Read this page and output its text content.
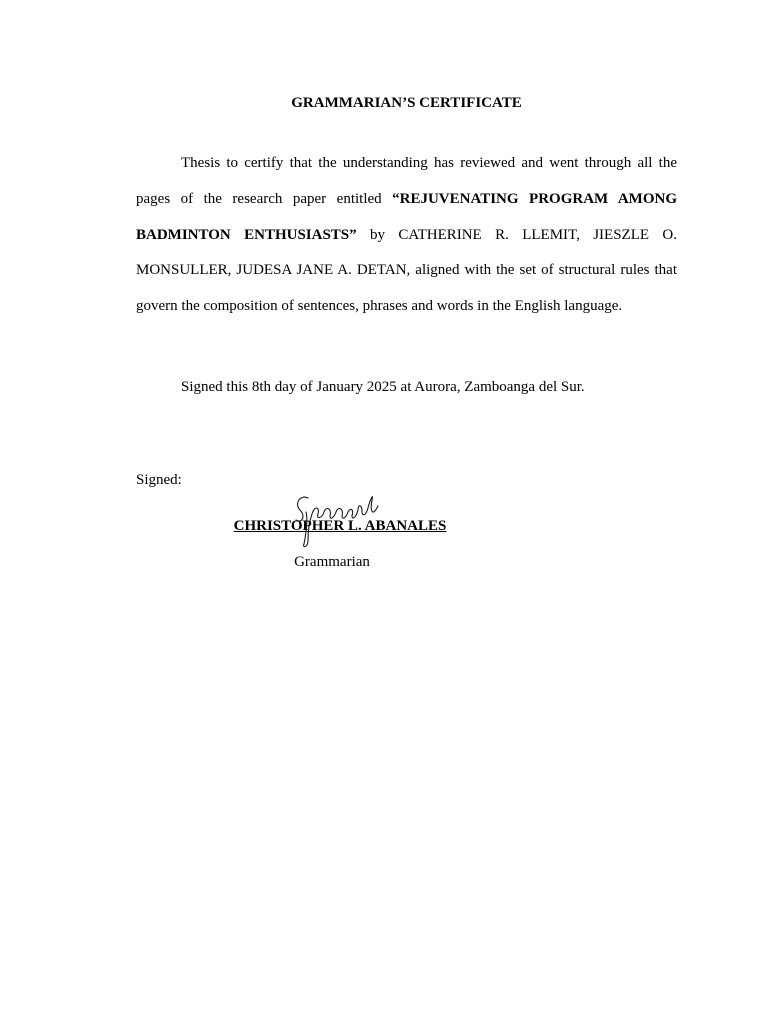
GRAMMARIAN’S CERTIFICATE

Thesis to certify that the understanding has reviewed and went through all the pages of the research paper entitled “REJUVENATING PROGRAM AMONG BADMINTON ENTHUSIASTS” by CATHERINE R. LLEMIT, JIESZLE O. MONSULLER, JUDESA JANE A. DETAN, aligned with the set of structural rules that govern the composition of sentences, phrases and words in the English language.

Signed this 8th day of January 2025 at Aurora, Zamboanga del Sur.
Signed:
CHRISTOPHER L. ABANALES
Grammarian
